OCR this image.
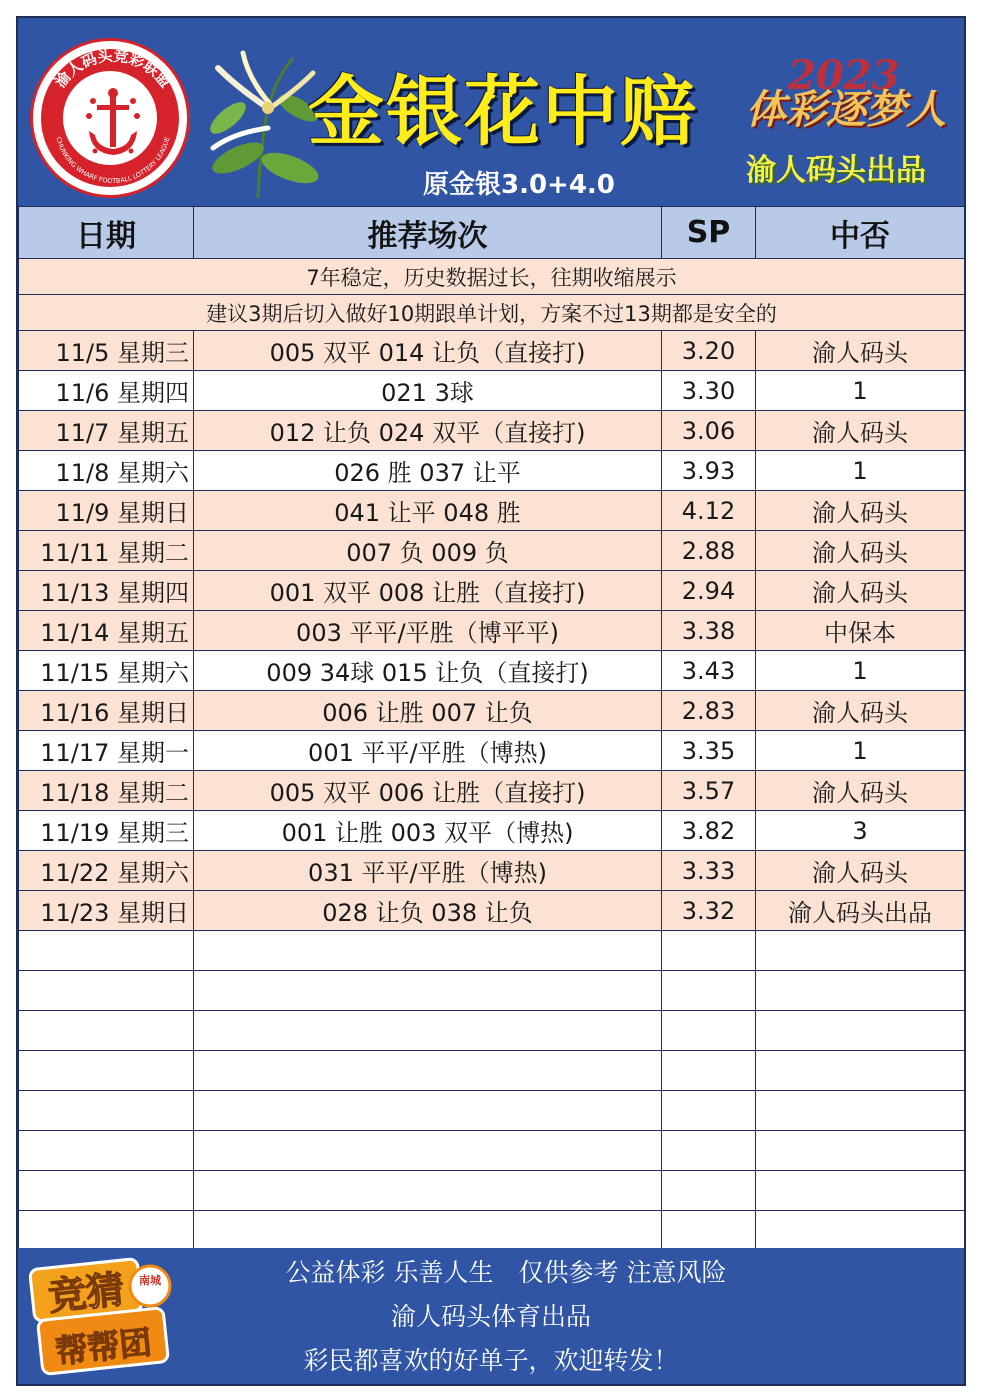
渝人码头竞彩联盟
CHUNKING WHARF FOOTBALL LOTTERY LEAGUE 金银花中赔
原金银3.0+4.0
2023
体彩逐梦人
渝人码头出品
日期	推荐场次	SP	中否
7年稳定，历史数据过长，往期收缩展示			
建议3期后切入做好10期跟单计划，方案不过13期都是安全的			
11/5 星期三	005 双平 014 让负（直接打)	3.20	渝人码头
11/6 星期四	021 3球	3.30	1
11/7 星期五	012 让负 024 双平（直接打)	3.06	渝人码头
11/8 星期六	026 胜 037 让平	3.93	1
11/9 星期日	041 让平 048 胜	4.12	渝人码头
11/11 星期二	007 负 009 负	2.88	渝人码头
11/13 星期四	001 双平 008 让胜（直接打)	2.94	渝人码头
11/14 星期五	003 平平/平胜（博平平)	3.38	中保本
11/15 星期六	009 34球 015 让负（直接打)	3.43	1
11/16 星期日	006 让胜 007 让负	2.83	渝人码头
11/17 星期一	001 平平/平胜（博热)	3.35	1
11/18 星期二	005 双平 006 让胜（直接打)	3.57	渝人码头
11/19 星期三	001 让胜 003 双平（博热)	3.82	3
11/22 星期六	031 平平/平胜（博热)	3.33	渝人码头
11/23 星期日	028 让负 038 让负	3.32	渝人码头出品

南城
竞猜
帮帮团
公益体彩 乐善人生　仅供参考 注意风险
渝人码头体育出品
彩民都喜欢的好单子，欢迎转发！
